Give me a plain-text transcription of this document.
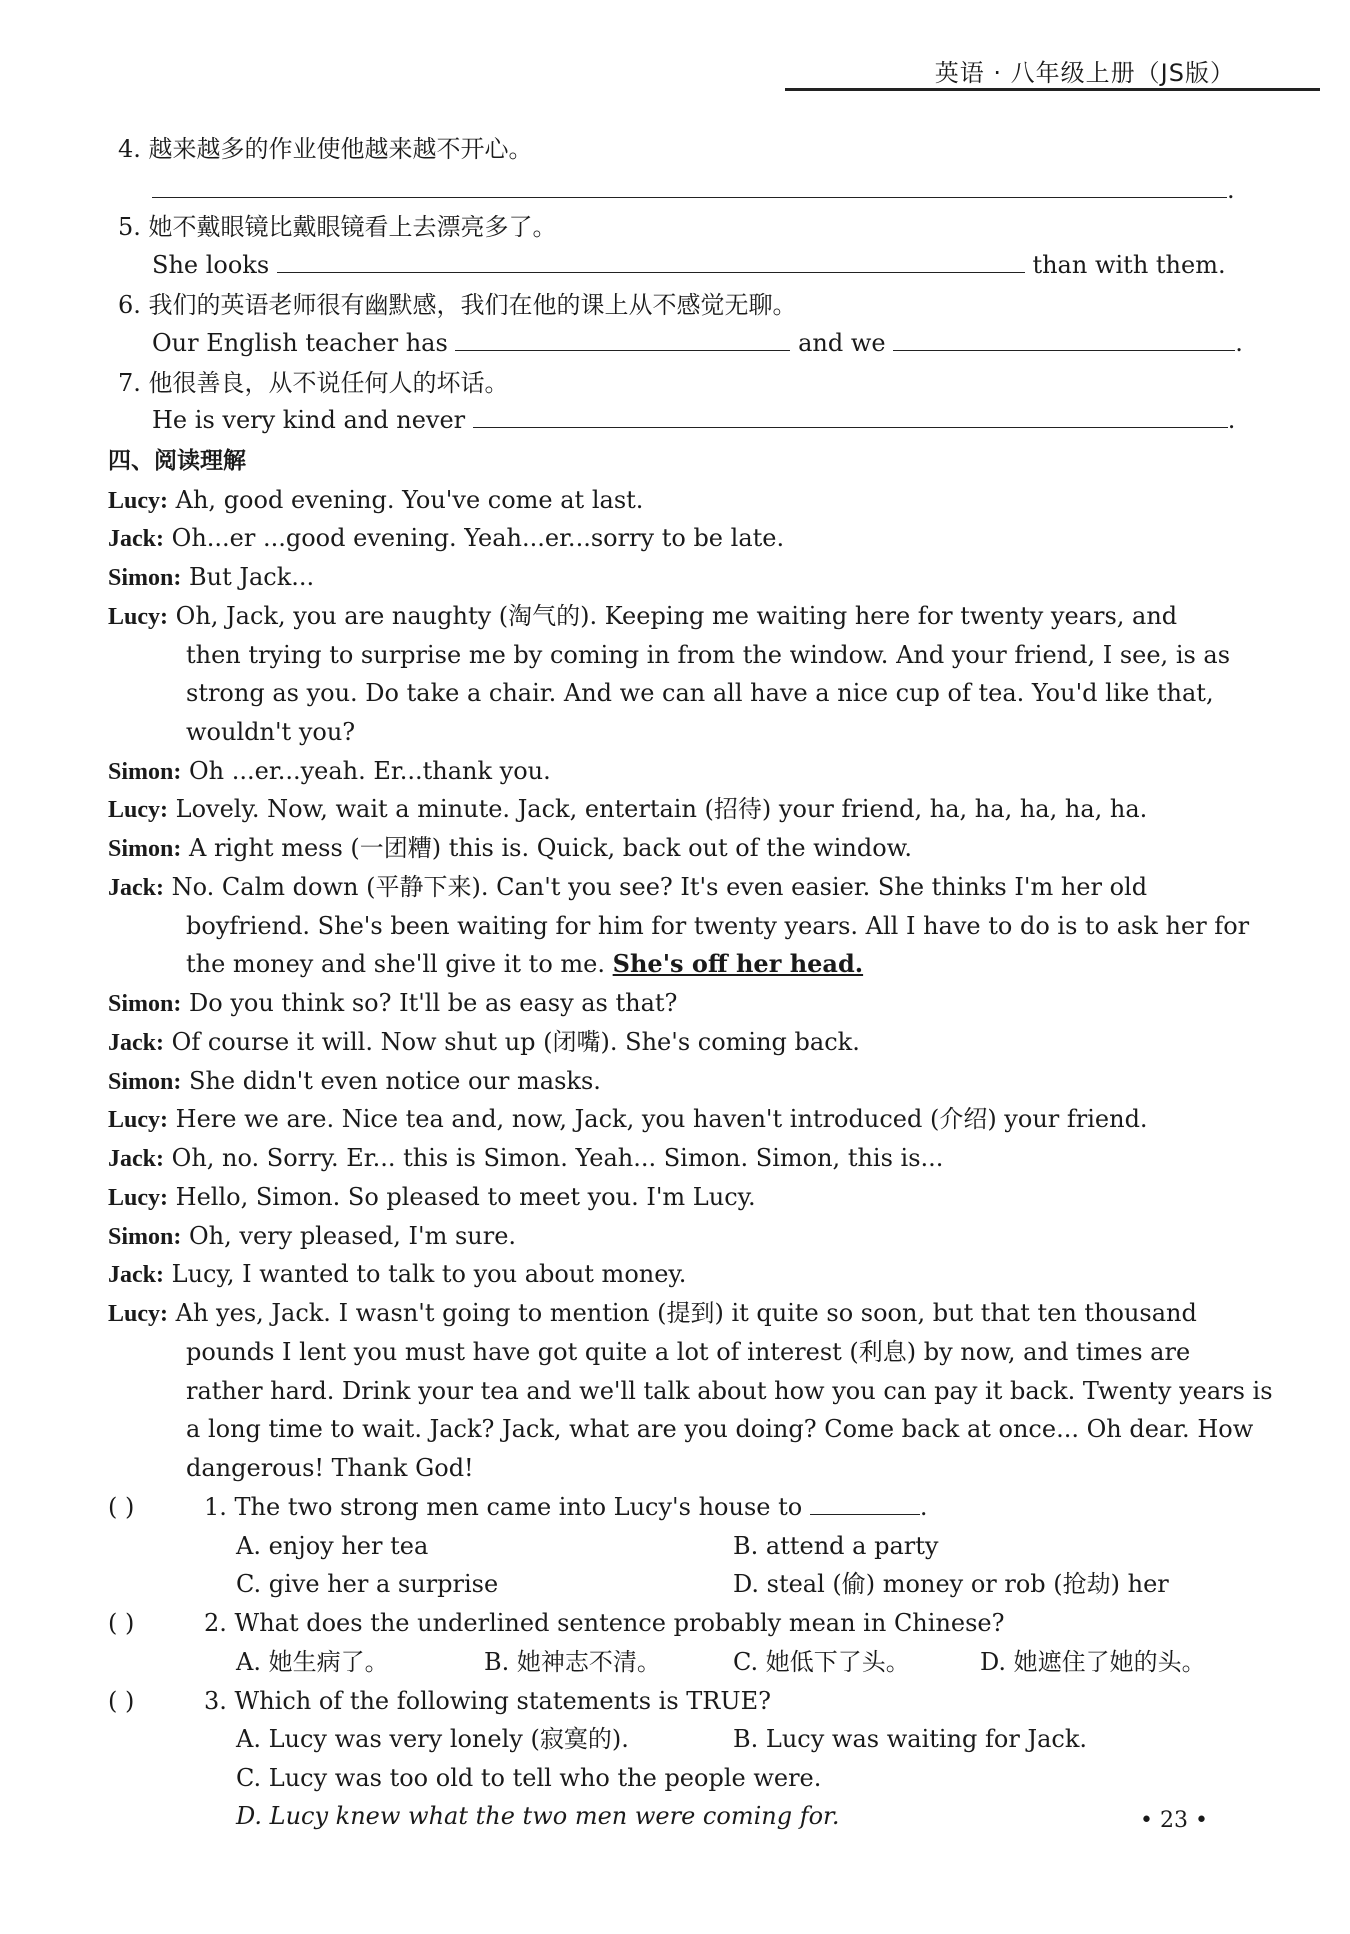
英语 · 八年级上册（JS版）
4. 越来越多的作业使他越来越不开心。
.
5. 她不戴眼镜比戴眼镜看上去漂亮多了。
She looks	than with them.
6. 我们的英语老师很有幽默感，我们在他的课上从不感觉无聊。
Our English teacher has	and we	.
7. 他很善良，从不说任何人的坏话。
He is very kind and never	.
四、阅读理解
Lucy: Ah, good evening. You've come at last.
Jack: Oh...er ...good evening. Yeah...er...sorry to be late.
Simon: But Jack...
Lucy: Oh, Jack, you are naughty (淘气的). Keeping me waiting here for twenty years, and
then trying to surprise me by coming in from the window. And your friend, I see, is as
strong as you. Do take a chair. And we can all have a nice cup of tea. You'd like that,
wouldn't you?
Simon: Oh ...er...yeah. Er...thank you.
Lucy: Lovely. Now, wait a minute. Jack, entertain (招待) your friend, ha, ha, ha, ha, ha.
Simon: A right mess (一团糟) this is. Quick, back out of the window.
Jack: No. Calm down (平静下来). Can't you see? It's even easier. She thinks I'm her old
boyfriend. She's been waiting for him for twenty years. All I have to do is to ask her for
the money and she'll give it to me. She's off her head.
Simon: Do you think so? It'll be as easy as that?
Jack: Of course it will. Now shut up (闭嘴). She's coming back.
Simon: She didn't even notice our masks.
Lucy: Here we are. Nice tea and, now, Jack, you haven't introduced (介绍) your friend.
Jack: Oh, no. Sorry. Er... this is Simon. Yeah... Simon. Simon, this is...
Lucy: Hello, Simon. So pleased to meet you. I'm Lucy.
Simon: Oh, very pleased, I'm sure.
Jack: Lucy, I wanted to talk to you about money.
Lucy: Ah yes, Jack. I wasn't going to mention (提到) it quite so soon, but that ten thousand
pounds I lent you must have got quite a lot of interest (利息) by now, and times are
rather hard. Drink your tea and we'll talk about how you can pay it back. Twenty years is
a long time to wait. Jack? Jack, what are you doing? Come back at once... Oh dear. How
dangerous! Thank God!
( )	1. The two strong men came into Lucy's house to	.
A. enjoy her tea	B. attend a party
C. give her a surprise	D. steal (偷) money or rob (抢劫) her
( )	2. What does the underlined sentence probably mean in Chinese?
A. 她生病了。	B. 她神志不清。	C. 她低下了头。	D. 她遮住了她的头。
( )	3. Which of the following statements is TRUE?
A. Lucy was very lonely (寂寞的).	B. Lucy was waiting for Jack.
C. Lucy was too old to tell who the people were.
D. Lucy knew what the two men were coming for.	• 23 •
